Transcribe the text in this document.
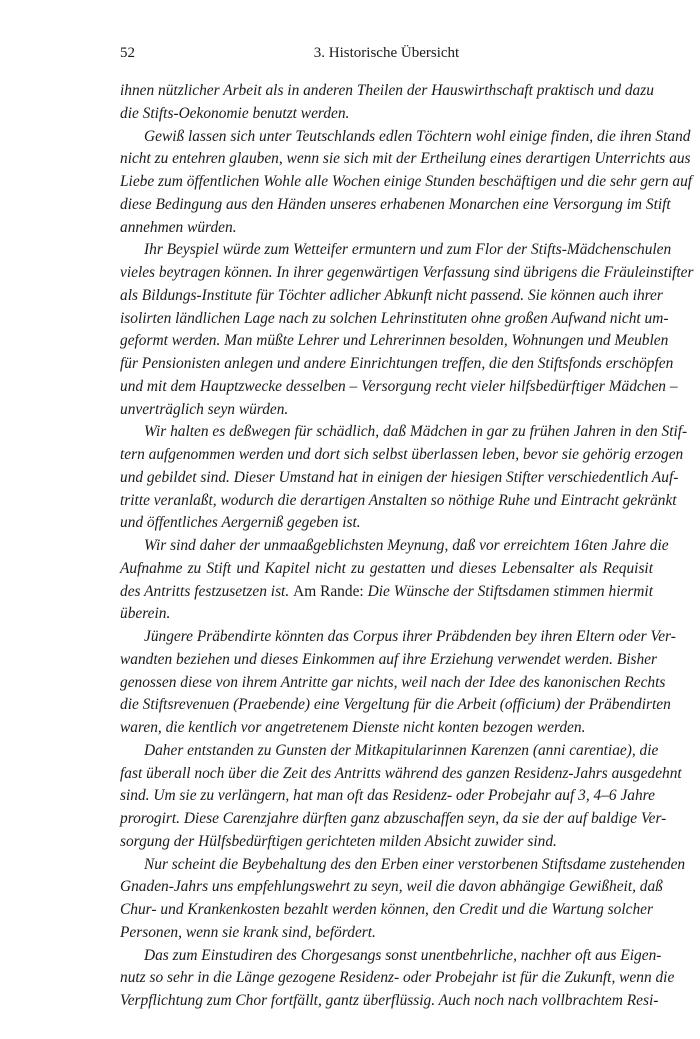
52	3. Historische Übersicht
ihnen nützlicher Arbeit als in anderen Theilen der Hauswirthschaft praktisch und dazu
die Stifts-Oekonomie benutzt werden.
Gewiß lassen sich unter Teutschlands edlen Töchtern wohl einige finden, die ihren Stand
nicht zu entehren glauben, wenn sie sich mit der Ertheilung eines derartigen Unterrichts aus
Liebe zum öffentlichen Wohle alle Wochen einige Stunden beschäftigen und die sehr gern auf
diese Bedingung aus den Händen unseres erhabenen Monarchen eine Versorgung im Stift
annehmen würden.
Ihr Beyspiel würde zum Wetteifer ermuntern und zum Flor der Stifts-Mädchenschulen
vieles beytragen können. In ihrer gegenwärtigen Verfassung sind übrigens die Fräuleinstifter
als Bildungs-Institute für Töchter adlicher Abkunft nicht passend. Sie können auch ihrer
isolirten ländlichen Lage nach zu solchen Lehrinstituten ohne großen Aufwand nicht um-
geformt werden. Man müßte Lehrer und Lehrerinnen besolden, Wohnungen und Meublen
für Pensionisten anlegen und andere Einrichtungen treffen, die den Stiftsfonds erschöpfen
und mit dem Hauptzwecke desselben – Versorgung recht vieler hilfsbedürftiger Mädchen –
unverträglich seyn würden.
Wir halten es deßwegen für schädlich, daß Mädchen in gar zu frühen Jahren in den Stif-
tern aufgenommen werden und dort sich selbst überlassen leben, bevor sie gehörig erzogen
und gebildet sind. Dieser Umstand hat in einigen der hiesigen Stifter verschiedentlich Auf-
tritte veranlaßt, wodurch die derartigen Anstalten so nöthige Ruhe und Eintracht gekränkt
und öffentliches Aergerniß gegeben ist.
Wir sind daher der unmaaßgeblichsten Meynung, daß vor erreichtem 16ten Jahre die
Aufnahme zu Stift und Kapitel nicht zu gestatten und dieses Lebensalter als Requisit
des Antritts festzusetzen ist. Am Rande: Die Wünsche der Stiftsdamen stimmen hiermit
überein.
Jüngere Präbendirte könnten das Corpus ihrer Präbdenden bey ihren Eltern oder Ver-
wandten beziehen und dieses Einkommen auf ihre Erziehung verwendet werden. Bisher
genossen diese von ihrem Antritte gar nichts, weil nach der Idee des kanonischen Rechts
die Stiftsrevenuen (Praebende) eine Vergeltung für die Arbeit (officium) der Präbendirten
waren, die kentlich vor angetretenem Dienste nicht konten bezogen werden.
Daher entstanden zu Gunsten der Mitkapitularinnen Karenzen (anni carentiae), die
fast überall noch über die Zeit des Antritts während des ganzen Residenz-Jahrs ausgedehnt
sind. Um sie zu verlängern, hat man oft das Residenz- oder Probejahr auf 3, 4–6 Jahre
prorogirt. Diese Carenzjahre dürften ganz abzuschaffen seyn, da sie der auf baldige Ver-
sorgung der Hülfsbedürftigen gerichteten milden Absicht zuwider sind.
Nur scheint die Beybehaltung des den Erben einer verstorbenen Stiftsdame zustehenden
Gnaden-Jahrs uns empfehlungswehrt zu seyn, weil die davon abhängige Gewißheit, daß
Chur- und Krankenkosten bezahlt werden können, den Credit und die Wartung solcher
Personen, wenn sie krank sind, befördert.
Das zum Einstudiren des Chorgesangs sonst unentbehrliche, nachher oft aus Eigen-
nutz so sehr in die Länge gezogene Residenz- oder Probejahr ist für die Zukunft, wenn die
Verpflichtung zum Chor fortfällt, gantz überflüssig. Auch noch nach vollbrachtem Resi-
